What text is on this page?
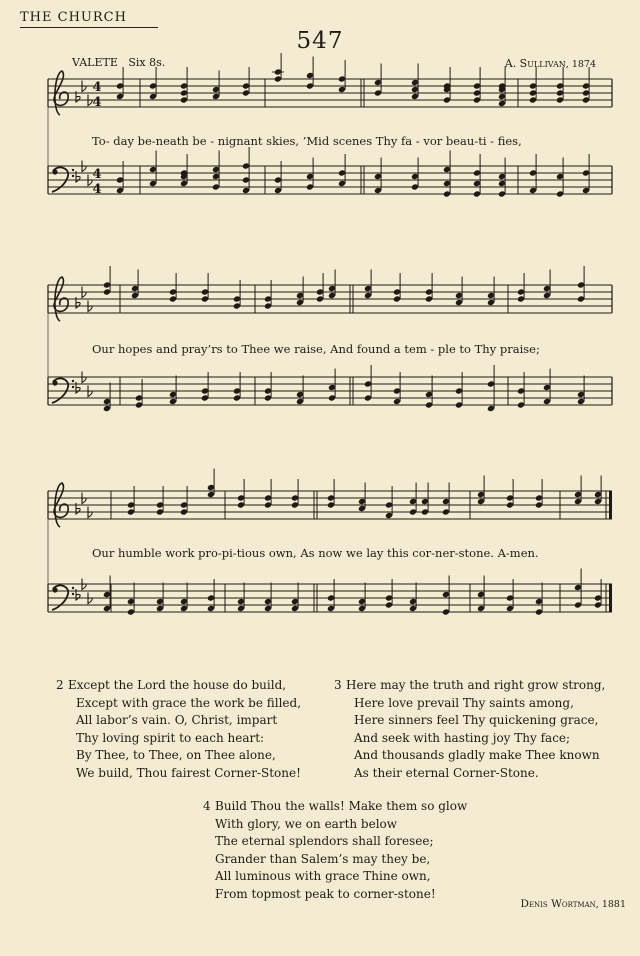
THE CHURCH
547
VALETE Six 8s.	A. Sullivan, 1874
4
4
4
4
To- day be-neath be - nignant skies, ’Mid scenes Thy fa - vor beau-ti - fies,
Our hopes and pray’rs to Thee we raise, And found a tem - ple to Thy praise;
Our humble work pro-pi-tious own, As now we lay this cor-ner-stone. A-men.
2 Except the Lord the house do build,
Except with grace the work be filled,
All labor’s vain. O, Christ, impart
Thy loving spirit to each heart:
By Thee, to Thee, on Thee alone,
We build, Thou fairest Corner-Stone!
3 Here may the truth and right grow strong,
Here love prevail Thy saints among,
Here sinners feel Thy quickening grace,
And seek with hasting joy Thy face;
And thousands gladly make Thee known
As their eternal Corner-Stone.
4 Build Thou the walls! Make them so glow
With glory, we on earth below
The eternal splendors shall foresee;
Grander than Salem’s may they be,
All luminous with grace Thine own,
From topmost peak to corner-stone!
Denis Wortman, 1881
